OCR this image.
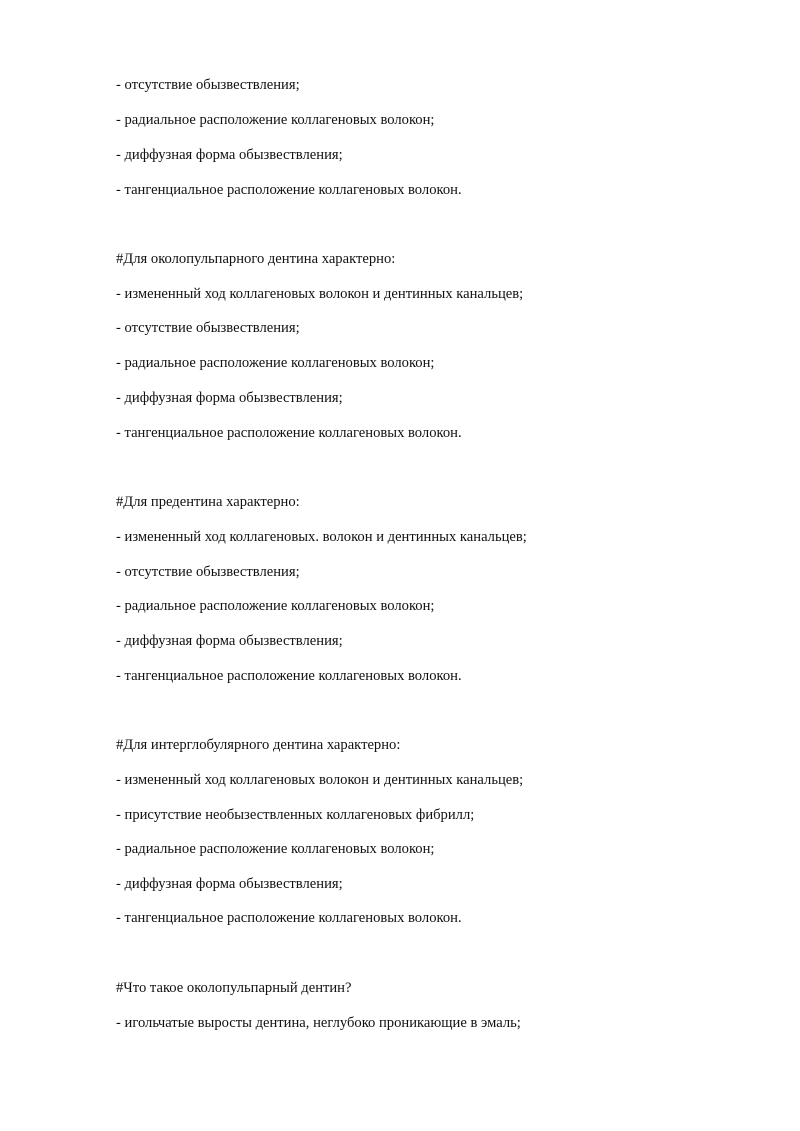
- отсутствие обызвествления;

- радиальное расположение коллагеновых волокон;

- диффузная форма обызвествления;

- тангенциальное расположение коллагеновых волокон.

#Для околопульпарного дентина характерно:

- измененный ход коллагеновых волокон и дентинных канальцев;

- отсутствие обызвествления;

- радиальное расположение коллагеновых волокон;

- диффузная форма обызвествления;

- тангенциальное расположение коллагеновых волокон.

#Для предентина характерно:

- измененный ход коллагеновых. волокон и дентинных канальцев;

- отсутствие обызвествления;

- радиальное расположение коллагеновых волокон;

- диффузная форма обызвествления;

- тангенциальное расположение коллагеновых волокон.

#Для интерглобулярного дентина характерно:

- измененный ход коллагеновых волокон и дентинных канальцев;

- присутствие необызествленных коллагеновых фибрилл;

- радиальное расположение коллагеновых волокон;

- диффузная форма обызвествления;

- тангенциальное расположение коллагеновых волокон.

#Что такое околопульпарный дентин?

- игольчатые выросты дентина, неглубоко проникающие в эмаль;
